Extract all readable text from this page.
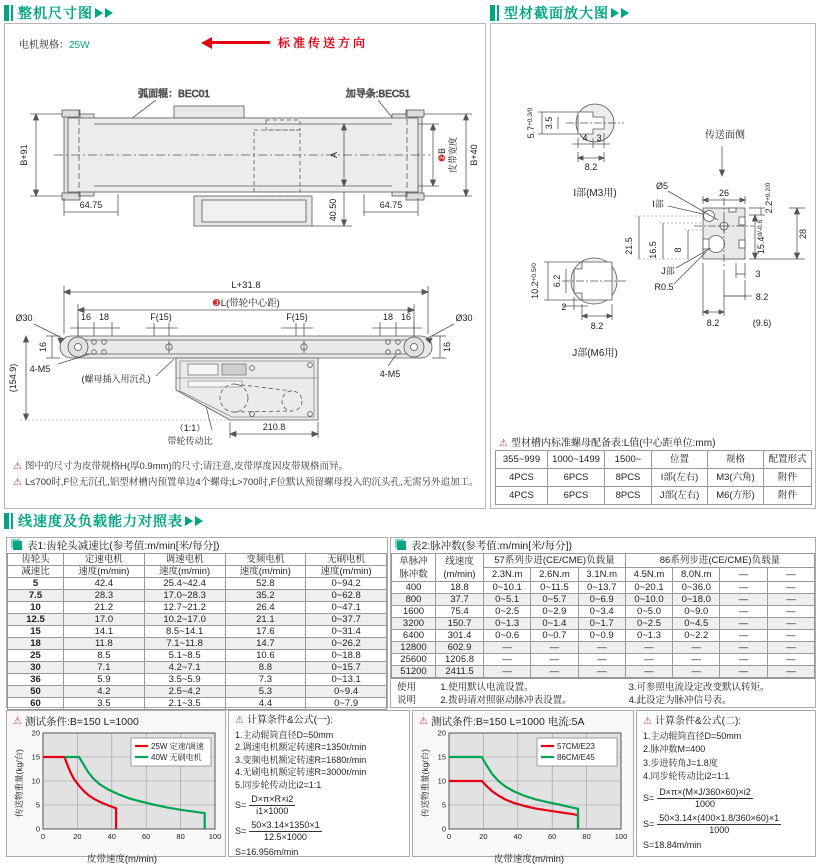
整机尺寸图
电机规格：25W	标准传送方向
弧面辊：BEC01	加导条:BEC51
B+91
64.75	64.75
A
40.50
❷B 皮带宽度 B+40
L+31.8
❸L(带轮中心距)
Ø30	Ø30
16 18	F(15)	F(15)	18 16
4-M5	4-M5
16	16
(154.9)	(螺母插入用沉孔)
（1:1）
带轮传动比
210.8
⚠ 图中的尺寸为皮带规格H(厚0.9mm)的尺寸;请注意,皮带厚度因皮带规格而异。
⚠ L≤700时,F位无沉孔,铝型材槽内预置单边4个螺母;L>700时,F位默认预留螺母投入的沉头孔,无需另外追加工。
型材截面放大图
$5.7^{+0.3/0}$ 3.5
4 3
8.2
I部(M3用)
传送面侧
Ø5
I部
J部
R0.5
26
$2.2^{+0.2/0}$
28
$15.4^{0/-0.6}$
21.5 16.5 8
3
8.2
8.2	(9.6)
$10.2^{+0.5/0}$ 6.2
2
8.2
J部(M6用)
⚠ 型材槽内标准螺母配备表:L值(中心距单位:mm)
355~999	1000~1499	1500~	位置	规格	配置形式
4PCS	6PCS	8PCS	I部(左右)	M3(六角)	附件
4PCS	6PCS	8PCS	J部(左右)	M6(方形)	附件
线速度及负载能力对照表
表1:齿轮头减速比(参考值:m/min[米/每分])
齿轮头	定速电机	调速电机	变频电机	无刷电机
减速比	速度(m/min)	速度(m/min)	速度(m/min)	速度(m/min)
5	42.4	25.4~42.4	52.8	0~94.2
7.5	28.3	17.0~28.3	35.2	0~62.8
10	21.2	12.7~21.2	26.4	0~47.1
12.5	17.0	10.2~17.0	21.1	0~37.7
15	14.1	8.5~14.1	17.6	0~31.4
18	11.8	7.1~11.8	14.7	0~26.2
25	8.5	5.1~8.5	10.6	0~18.8
30	7.1	4.2~7.1	8.8	0~15.7
36	5.9	3.5~5.9	7.3	0~13.1
50	4.2	2.5~4.2	5.3	0~9.4
60	3.5	2.1~3.5	4.4	0~7.9
表2:脉冲数(参考值:m/min[米/每分])
单脉冲
脉冲数	线速度
(m/min)	57系列步进(CE/CME)负载量			86系列步进(CE/CME)负载量			
		2.3N.m	2.6N.m	3.1N.m	4.5N.m	8.0N.m	—	—
400	18.8	0~10.1	0~11.5	0~13.7	0~20.1	0~36.0	—	—
800	37.7	0~5.1	0~5.7	0~6.9	0~10.0	0~18.0	—	—
1600	75.4	0~2.5	0~2.9	0~3.4	0~5.0	0~9.0	—	—
3200	150.7	0~1.3	0~1.4	0~1.7	0~2.5	0~4.5	—	—
6400	301.4	0~0.6	0~0.7	0~0.9	0~1.3	0~2.2	—	—
12800	602.9	—	—	—	—	—	—	—
25600	1205.8	—	—	—	—	—	—	—
51200	2411.5	—	—	—	—	—	—	—
使用
说明
1.使用默认电流设置。
2.拨码请对照驱动脉冲表设置。
3.可参照电流设定改变默认转矩。
4.此设定为脉冲信号表。
⚠ 测试条件:B=150 L=1000
传送物重量(kg/台)
0
5
10
15
20
0	20	40	60	80	100
25W 定速/调速
40W 无刷电机
皮带速度(m/min)
⚠ 计算条件&公式(一):
1.主动辊筒直径D=50mm
2.调速电机额定转速R=1350r/min
3.变频电机额定转速R=1680r/min
4.无刷电机额定转速R=3000r/min
5.同步轮传动比i2=1:1
$S= \frac{D\times\pi\times R\times i2}{i1\times 1000}$
$S= \frac{50\times 3.14\times 1350\times 1}{12.5\times 1000}$
S=16.956m/min
⚠ 测试条件:B=150 L=1000 电流:5A
传送物重量(kg/台)
0
5
10
15
20
0	20	40	60	80	100
57CM/E23
86CM/E45
皮带速度(m/min)
⚠ 计算条件&公式(二):
1.主动辊筒直径D=50mm
2.脉冲数M=400
3.步进转角J=1.8度
4.同步轮传动比i2=1:1
$S= \frac{D\times\pi\times(M\times J/360\times 60)\times i2}{1000}$
$S= \frac{50\times 3.14\times(400\times 1.8/360\times 60)\times 1}{1000}$
S=18.84m/min
